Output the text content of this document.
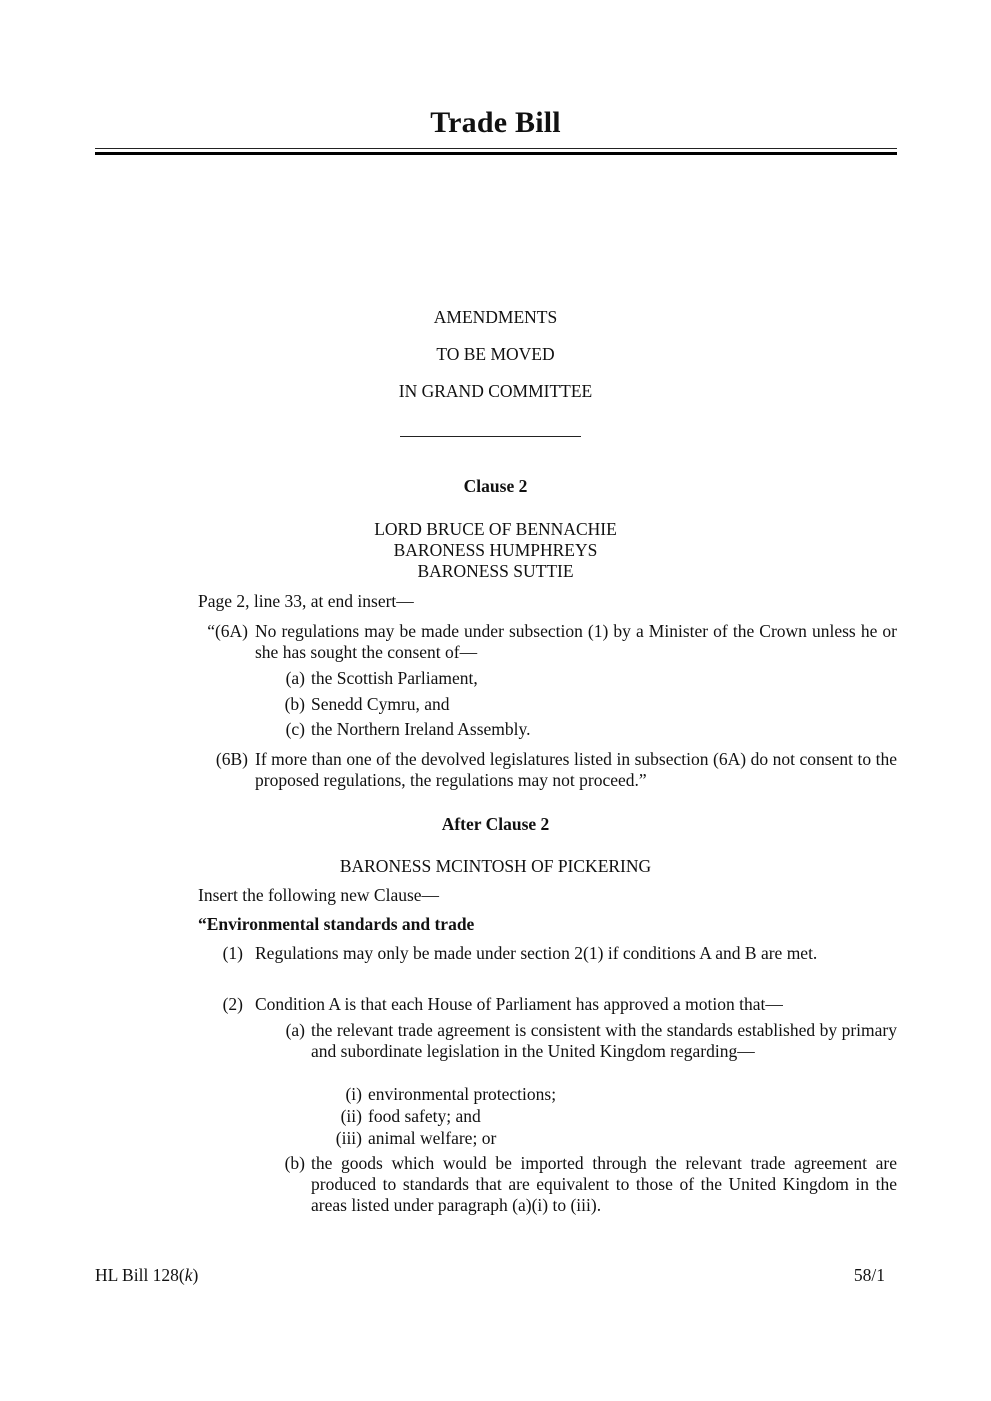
Trade Bill
AMENDMENTS
TO BE MOVED
IN GRAND COMMITTEE
Clause 2
LORD BRUCE OF BENNACHIE
BARONESS HUMPHREYS
BARONESS SUTTIE
Page 2, line 33, at end insert—
“(6A) No regulations may be made under subsection (1) by a Minister of the Crown unless he or she has sought the consent of—
(a) the Scottish Parliament,
(b) Senedd Cymru, and
(c) the Northern Ireland Assembly.
(6B) If more than one of the devolved legislatures listed in subsection (6A) do not consent to the proposed regulations, the regulations may not proceed.”
After Clause 2
BARONESS MCINTOSH OF PICKERING
Insert the following new Clause—
“Environmental standards and trade
(1) Regulations may only be made under section 2(1) if conditions A and B are met.
(2) Condition A is that each House of Parliament has approved a motion that—
(a) the relevant trade agreement is consistent with the standards established by primary and subordinate legislation in the United Kingdom regarding—
(i) environmental protections;
(ii) food safety; and
(iii) animal welfare; or
(b) the goods which would be imported through the relevant trade agreement are produced to standards that are equivalent to those of the United Kingdom in the areas listed under paragraph (a)(i) to (iii).
HL Bill 128(k)	58/1
